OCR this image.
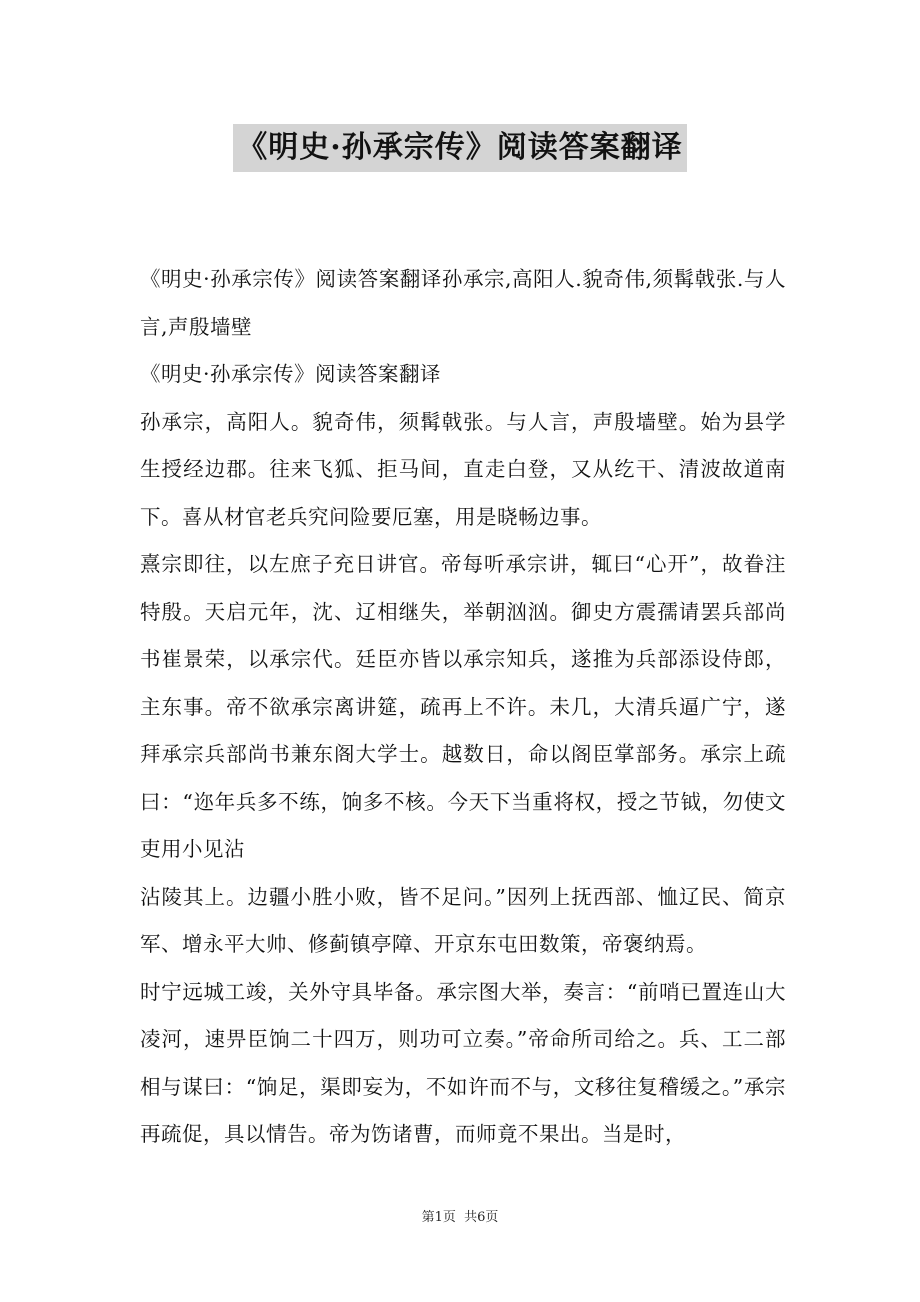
《明史·孙承宗传》阅读答案翻译

《明史·孙承宗传》阅读答案翻译孙承宗,高阳人.貌奇伟,须髯戟张.与人言,声殷墙壁

《明史·孙承宗传》阅读答案翻译

孙承宗，高阳人。貌奇伟，须髯戟张。与人言，声殷墙壁。始为县学生授经边郡。往来飞狐、拒马间，直走白登，又从纥干、清波故道南下。喜从材官老兵究问险要厄塞，用是晓畅边事。

熹宗即往，以左庶子充日讲官。帝每听承宗讲，辄曰“心开”，故眷注特殷。天启元年，沈、辽相继失，举朝汹汹。御史方震孺请罢兵部尚书崔景荣，以承宗代。廷臣亦皆以承宗知兵，遂推为兵部添设侍郎，主东事。帝不欲承宗离讲筵，疏再上不许。未几，大清兵逼广宁，遂拜承宗兵部尚书兼东阁大学士。越数日，命以阁臣掌部务。承宗上疏曰：“迩年兵多不练，饷多不核。今天下当重将权，授之节钺，勿使文吏用小见沾

沾陵其上。边疆小胜小败，皆不足问。”因列上抚西部、恤辽民、简京军、增永平大帅、修蓟镇亭障、开京东屯田数策，帝褒纳焉。

时宁远城工竣，关外守具毕备。承宗图大举，奏言：“前哨已置连山大凌河，速畀臣饷二十四万，则功可立奏。”帝命所司给之。兵、工二部相与谋曰：“饷足，渠即妄为，不如许而不与，文移往复稽缓之。”承宗再疏促，具以情告。帝为饬诸曹，而师竟不果出。当是时，

第1页 共6页
